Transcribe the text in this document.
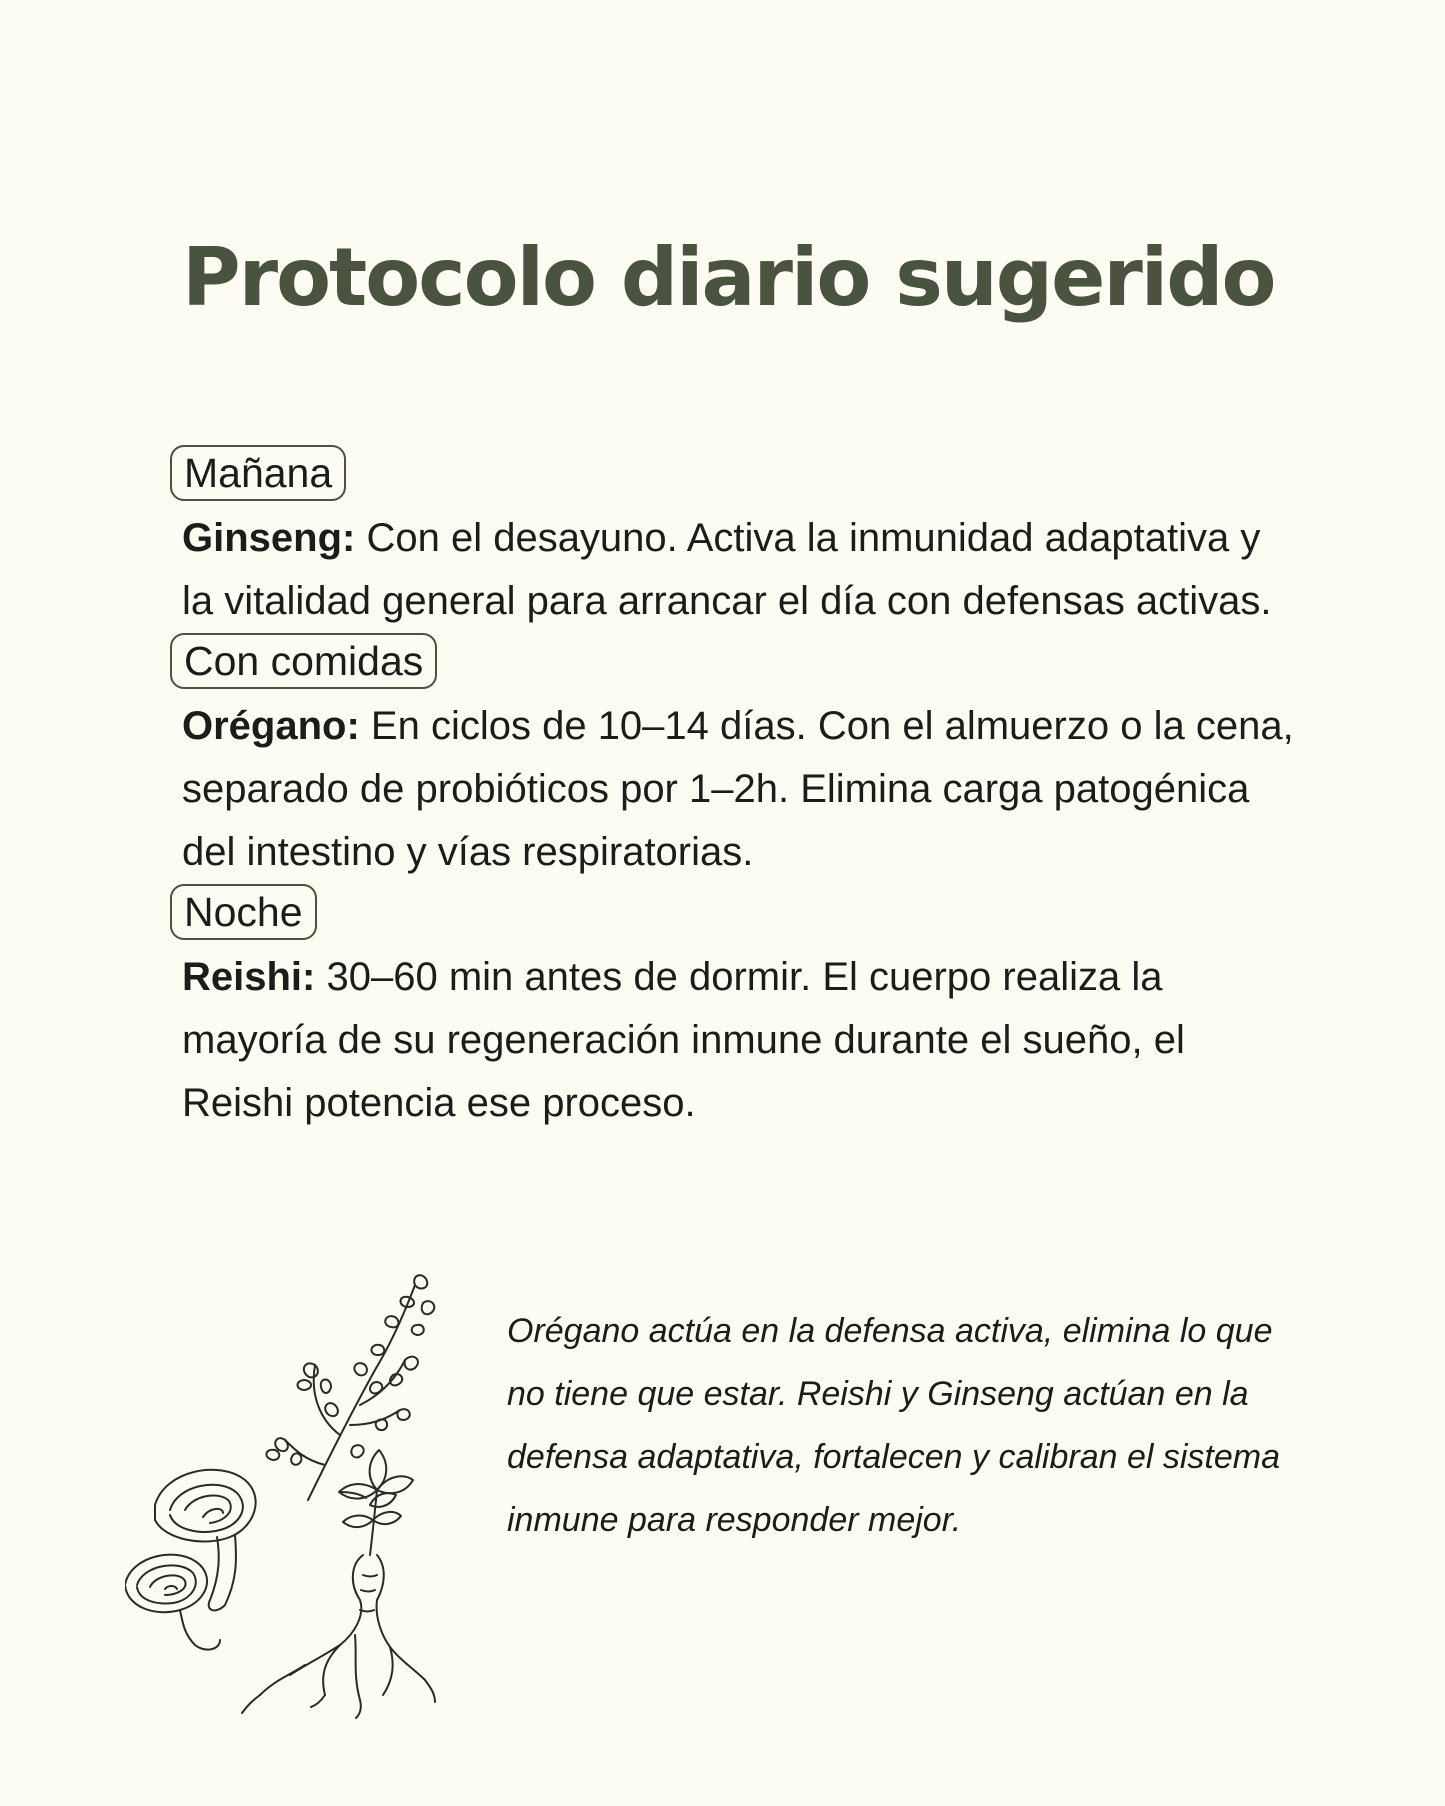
Protocolo diario sugerido
Mañana

Ginseng: Con el desayuno. Activa la inmunidad adaptativa y la vitalidad general para arrancar el día con defensas activas.

Con comidas

Orégano: En ciclos de 10–14 días. Con el almuerzo o la cena, separado de probióticos por 1–2h. Elimina carga patogénica del intestino y vías respiratorias.

Noche

Reishi: 30–60 min antes de dormir. El cuerpo realiza la mayoría de su regeneración inmune durante el sueño, el Reishi potencia ese proceso.

Orégano actúa en la defensa activa, elimina lo que no tiene que estar. Reishi y Ginseng actúan en la defensa adaptativa, fortalecen y calibran el sistema inmune para responder mejor.
